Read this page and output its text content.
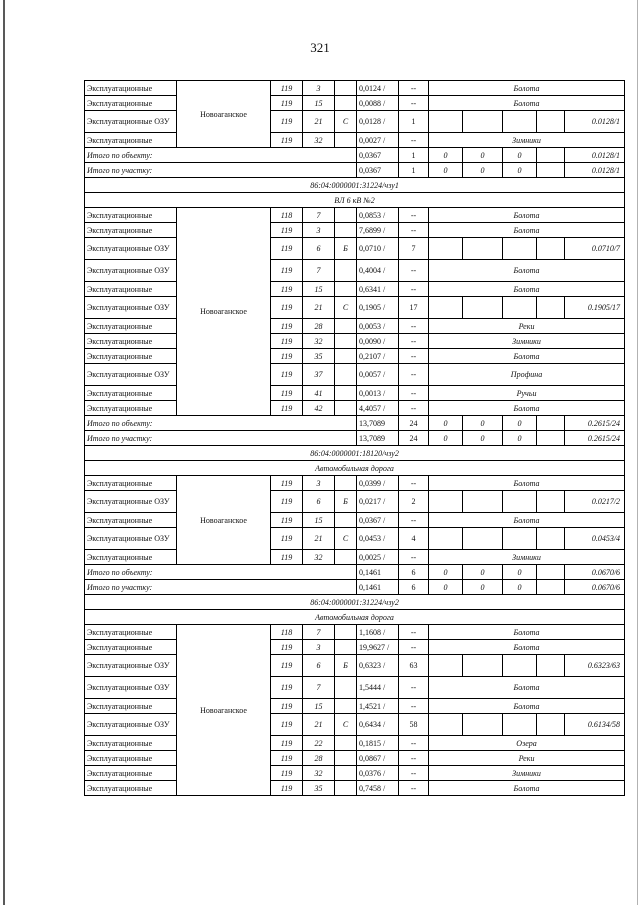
321
Эксплуатационные	Новоаганское	119	3		0,0124 /	--	Болота				
Эксплуатационные		119	15		0,0088 /	--	Болота				
Эксплуатационные ОЗУ		119	21	С	0,0128 /	1					0.0128/1
Эксплуатационные		119	32		0,0027 /	--	Зимники				
Итого по объекту:					0,0367	1	0	0	0		0.0128/1
Итого по участку:					0,0367	1	0	0	0		0.0128/1
86:04:0000001:31224/чзу1											
ВЛ 6 кВ №2											
Эксплуатационные	Новоаганское	118	7		0,0853 /	--	Болота				
Эксплуатационные		119	3		7,6899 /	--	Болота				
Эксплуатационные ОЗУ		119	6	Б	0,0710 /	7					0.0710/7
Эксплуатационные ОЗУ		119	7		0,4004 /	--	Болота				
Эксплуатационные		119	15		0,6341 /	--	Болота				
Эксплуатационные ОЗУ		119	21	С	0,1905 /	17					0.1905/17
Эксплуатационные		119	28		0,0053 /	--	Реки				
Эксплуатационные		119	32		0,0090 /	--	Зимники				
Эксплуатационные		119	35		0,2107 /	--	Болота				
Эксплуатационные ОЗУ		119	37		0,0057 /	--	Профина				
Эксплуатационные		119	41		0,0013 /	--	Ручьи				
Эксплуатационные		119	42		4,4057 /	--	Болота				
Итого по объекту:					13,7089	24	0	0	0		0.2615/24
Итого по участку:					13,7089	24	0	0	0		0.2615/24
86:04:0000001:18120/чзу2											
Автомобильная дорога											
Эксплуатационные	Новоаганское	119	3		0,0399 /	--	Болота				
Эксплуатационные ОЗУ		119	6	Б	0,0217 /	2					0.0217/2
Эксплуатационные		119	15		0,0367 /	--	Болота				
Эксплуатационные ОЗУ		119	21	С	0,0453 /	4					0.0453/4
Эксплуатационные		119	32		0,0025 /	--	Зимники				
Итого по объекту:					0,1461	6	0	0	0		0.0670/6
Итого по участку:					0,1461	6	0	0	0		0.0670/6
86:04:0000001:31224/чзу2											
Автомобильная дорога											
Эксплуатационные	Новоаганское	118	7		1,1608 /	--	Болота				
Эксплуатационные		119	3		19,9627 /	--	Болота				
Эксплуатационные ОЗУ		119	6	Б	0,6323 /	63					0.6323/63
Эксплуатационные ОЗУ		119	7		1,5444 /	--	Болота				
Эксплуатационные		119	15		1,4521 /	--	Болота				
Эксплуатационные ОЗУ		119	21	С	0,6434 /	58					0.6134/58
Эксплуатационные		119	22		0,1815 /	--	Озера				
Эксплуатационные		119	28		0,0867 /	--	Реки				
Эксплуатационные		119	32		0,0376 /	--	Зимники				
Эксплуатационные		119	35		0,7458 /	--	Болота				
